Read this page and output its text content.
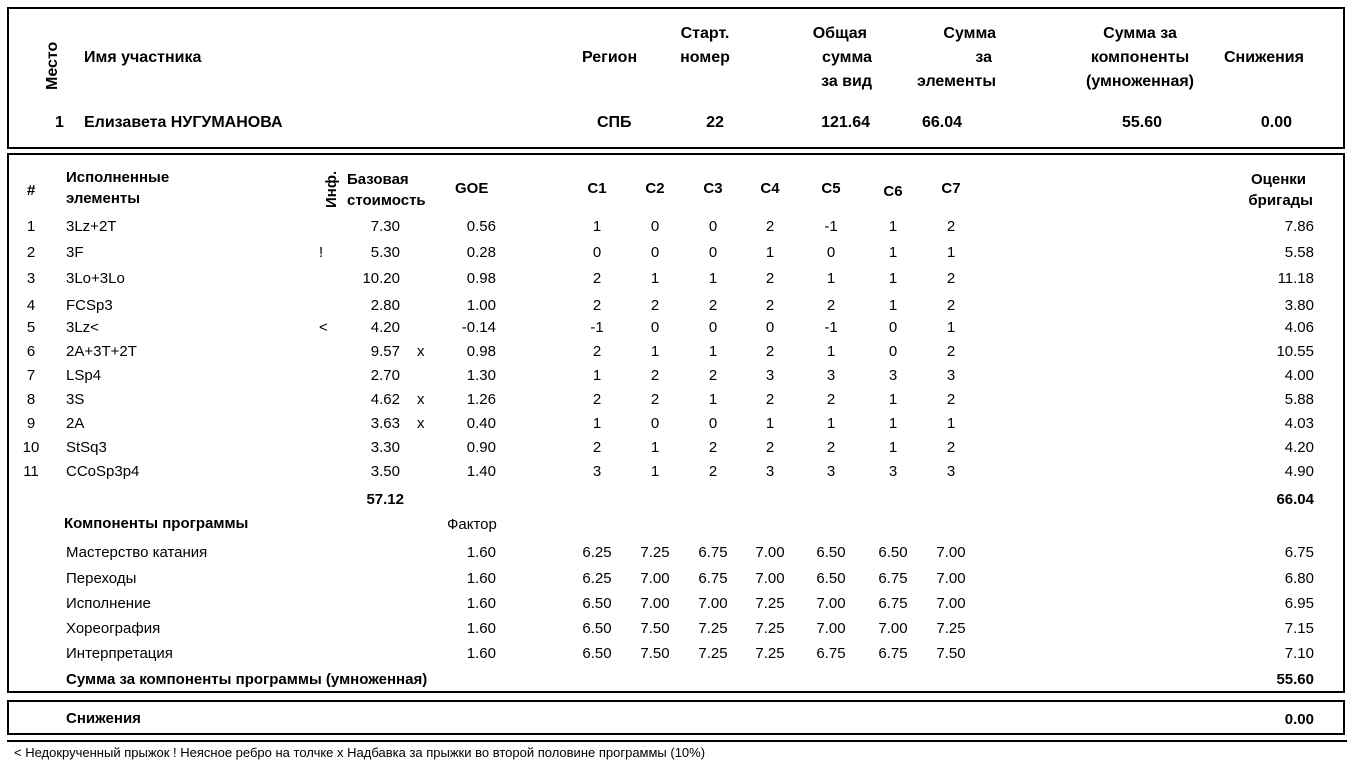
Место Имя участника	Регион
Старт.
номер
Общая
сумма
за вид
Сумма
за
элементы
Сумма за
компоненты
(умноженная)
Снижения
1 Елизавета НУГУМАНОВА	СПБ	22	121.64	66.04	55.60	0.00
#
Исполненные
элементы	Инф. Базовая
стоимость
GOE	C1	C2	C3	C4	C5	C6	C7
Оценки
бригады
1	3Lz+2T	7.30	0.56	1	0	0	2	-1	1	2	7.86
2	3F	!	5.30	0.28	0	0	0	1	0	1	1	5.58
3	3Lo+3Lo	10.20	0.98	2	1	1	2	1	1	2	11.18
4	FCSp3	2.80	1.00	2	2	2	2	2	1	2	3.80
5	3Lz<	<	4.20	-0.14	-1	0	0	0	-1	0	1	4.06
6	2A+3T+2T	9.57 x	0.98	2	1	1	2	1	0	2	10.55
7	LSp4	2.70	1.30	1	2	2	3	3	3	3	4.00
8	3S	4.62 x	1.26	2	2	1	2	2	1	2	5.88
9	2A	3.63 x	0.40	1	0	0	1	1	1	1	4.03
10	StSq3	3.30	0.90	2	1	2	2	2	1	2	4.20
11	CCoSp3p4	3.50	1.40	3	1	2	3	3	3	3	4.90
57.12	66.04
Компоненты программы	Фактор
Мастерство катания	1.60	6.25	7.25	6.75	7.00	6.50	6.50	7.00	6.75
Переходы	1.60	6.25	7.00	6.75	7.00	6.50	6.75	7.00	6.80
Исполнение	1.60	6.50	7.00	7.00	7.25	7.00	6.75	7.00	6.95
Хореография	1.60	6.50	7.50	7.25	7.25	7.00	7.00	7.25	7.15
Интерпретация	1.60	6.50	7.50	7.25	7.25	6.75	6.75	7.50	7.10
Сумма за компоненты программы (умноженная)	55.60
Снижения	0.00
< Недокрученный прыжок ! Неясное ребро на толчке x Надбавка за прыжки во второй половине программы (10%)
